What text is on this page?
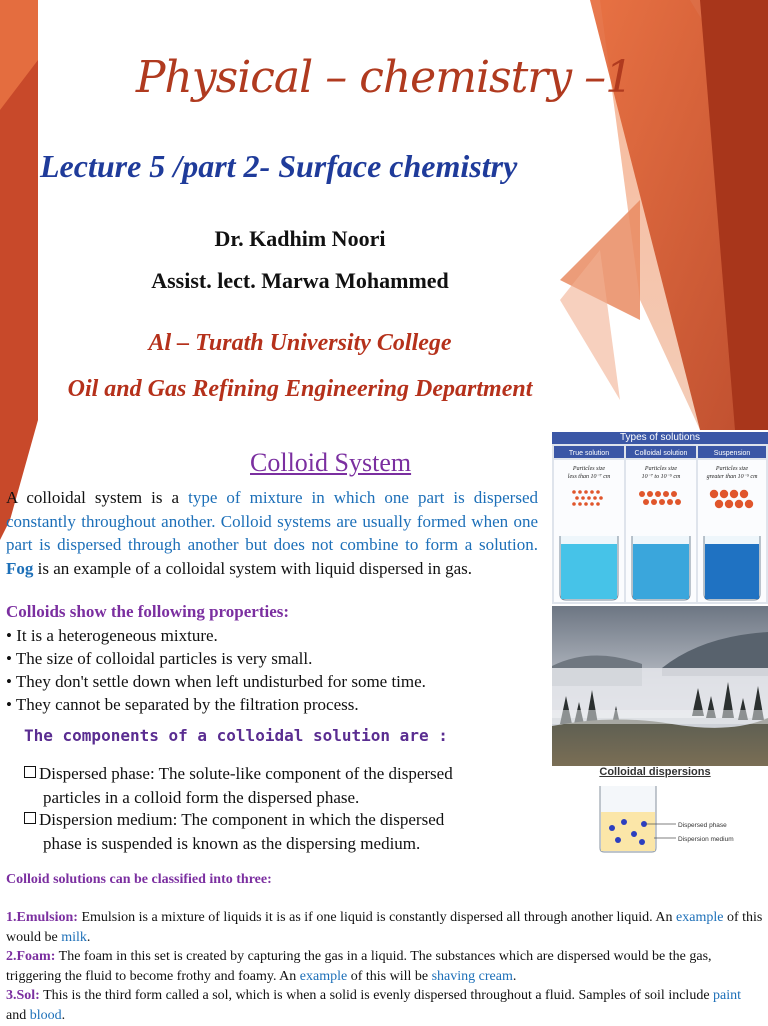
Physical – chemistry –1
Lecture 5 /part 2- Surface chemistry
Dr. Kadhim Noori
Assist. lect. Marwa Mohammed
Al – Turath University College
Oil and Gas Refining Engineering Department
Colloid System
A colloidal system is a type of mixture in which one part is dispersed constantly throughout another. Colloid systems are usually formed when one part is dispersed through another but does not combine to form a solution. Fog is an example of a colloidal system with liquid dispersed in gas.
Colloids show the following properties:
• It is a heterogeneous mixture.
• The size of colloidal particles is very small.
• They don't settle down when left undisturbed for some time.
• They cannot be separated by the filtration process.
The components of a colloidal solution are :
Dispersed phase: The solute-like component of the dispersed
particles in a colloid form the dispersed phase.
Dispersion medium: The component in which the dispersed
phase is suspended is known as the dispersing medium.
Colloid solutions can be classified into three:
1.Emulsion: Emulsion is a mixture of liquids it is as if one liquid is constantly dispersed all through another liquid. An example of this would be milk.
2.Foam: The foam in this set is created by capturing the gas in a liquid. The substances which are dispersed would be the gas, triggering the fluid to become frothy and foamy. An example of this will be shaving cream.
3.Sol: This is the third form called a sol, which is when a solid is evenly dispersed throughout a fluid. Samples of soil include paint and blood.
Types of solutions
True solution
Particles size
less than 10⁻⁷ cm
Colloidal solution
Particles size
10⁻⁷ to 10⁻⁵ cm
Suspension
Particles size
greater than 10⁻⁵ cm
Colloidal dispersions
Dispersed phase
Dispersion medium
